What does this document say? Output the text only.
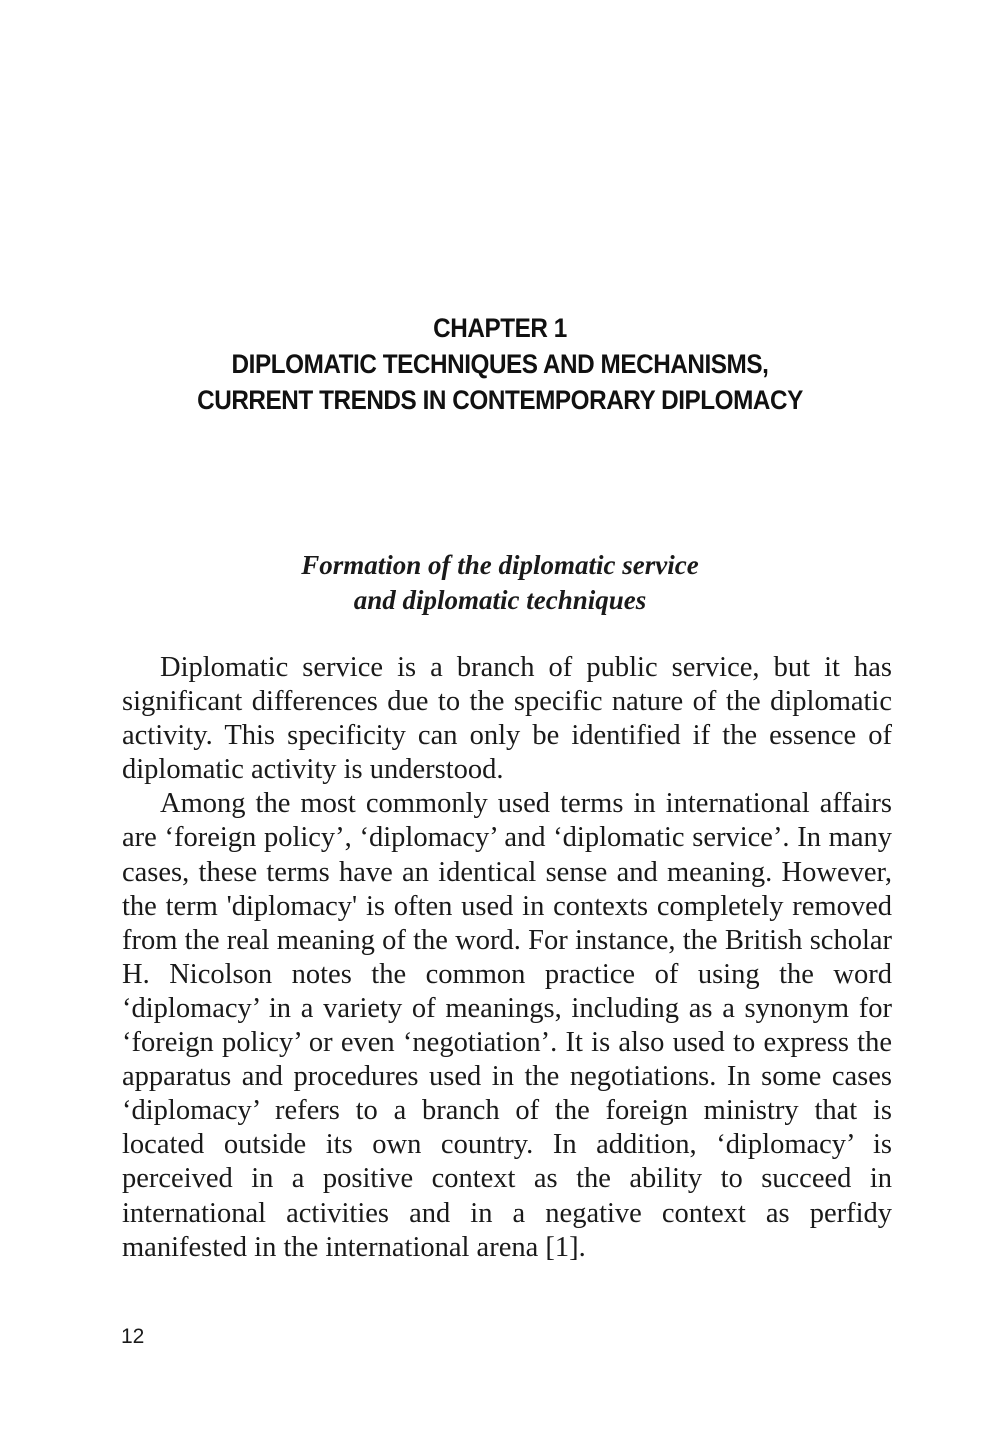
CHAPTER 1
DIPLOMATIC TECHNIQUES AND MECHANISMS,
CURRENT TRENDS IN CONTEMPORARY DIPLOMACY
Formation of the diplomatic service
and diplomatic techniques

Diplomatic service is a branch of public service, but it has significant differences due to the specific nature of the diplomatic activity. This specificity can only be identified if the essence of diplomatic activity is understood.

Among the most commonly used terms in international affairs are ‘foreign policy’, ‘diplomacy’ and ‘diplomatic service’. In many cases, these terms have an identical sense and meaning. However, the term 'diplomacy' is often used in contexts completely removed from the real meaning of the word. For instance, the British scholar H. Nicolson notes the common practice of using the word ‘diplomacy’ in a variety of meanings, including as a synonym for ‘foreign policy’ or even ‘negotiation’. It is also used to express the apparatus and procedures used in the negotiations. In some cases ‘diplomacy’ refers to a branch of the foreign ministry that is located outside its own country. In addition, ‘diplomacy’ is perceived in a positive context as the ability to succeed in international activities and in a negative context as perfidy manifested in the international arena [1].

12
